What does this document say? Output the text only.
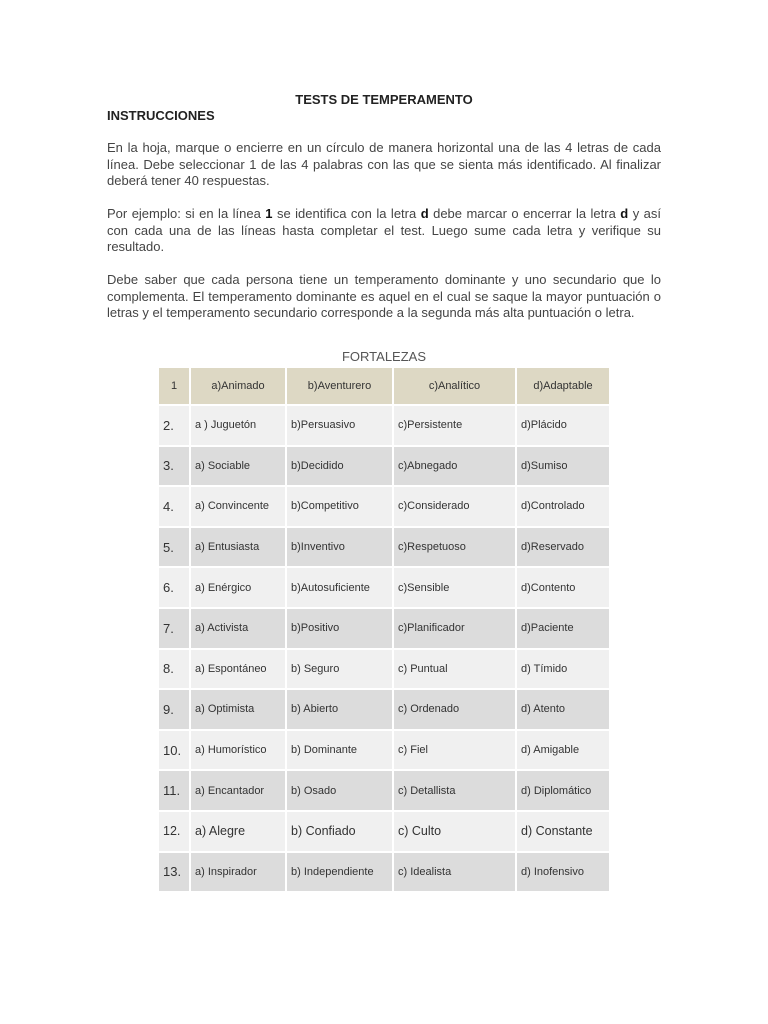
TESTS DE TEMPERAMENTO
INSTRUCCIONES
En la hoja, marque o encierre en un círculo de manera horizontal una de las 4 letras de cada línea. Debe seleccionar 1 de las 4 palabras con las que se sienta más identificado. Al finalizar deberá tener 40 respuestas.
Por ejemplo: si en la línea 1 se identifica con la letra d debe marcar o encerrar la letra d y así con cada una de las líneas hasta completar el test. Luego sume cada letra y verifique su resultado.
Debe saber que cada persona tiene un temperamento dominante y uno secundario que lo complementa. El temperamento dominante es aquel en el cual se saque la mayor puntuación o letras y el temperamento secundario corresponde a la segunda más alta puntuación o letra.
FORTALEZAS
1	a)Animado	b)Aventurero	c)Analítico	d)Adaptable
2.	a ) Juguetón	b)Persuasivo	c)Persistente	d)Plácido
3.	a) Sociable	b)Decidido	c)Abnegado	d)Sumiso
4.	a) Convincente	b)Competitivo	c)Considerado	d)Controlado
5.	a) Entusiasta	b)Inventivo	c)Respetuoso	d)Reservado
6.	a) Enérgico	b)Autosuficiente	c)Sensible	d)Contento
7.	a) Activista	b)Positivo	c)Planificador	d)Paciente
8.	a) Espontáneo	b) Seguro	c) Puntual	d) Tímido
9.	a) Optimista	b) Abierto	c) Ordenado	d) Atento
10.	a) Humorístico	b) Dominante	c) Fiel	d) Amigable
11.	a) Encantador	b) Osado	c) Detallista	d) Diplomático
12.	a) Alegre	b) Confiado	c) Culto	d) Constante
13.	a) Inspirador	b) Independiente	c) Idealista	d) Inofensivo
